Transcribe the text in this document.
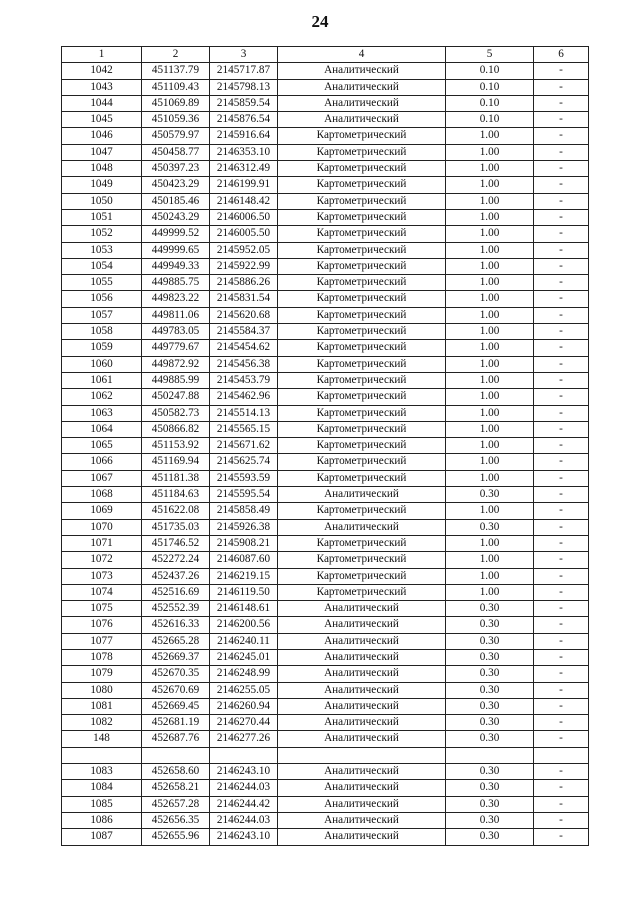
24
1	2	3	4	5	6
1042	451137.79	2145717.87	Аналитический	0.10	-
1043	451109.43	2145798.13	Аналитический	0.10	-
1044	451069.89	2145859.54	Аналитический	0.10	-
1045	451059.36	2145876.54	Аналитический	0.10	-
1046	450579.97	2145916.64	Картометрический	1.00	-
1047	450458.77	2146353.10	Картометрический	1.00	-
1048	450397.23	2146312.49	Картометрический	1.00	-
1049	450423.29	2146199.91	Картометрический	1.00	-
1050	450185.46	2146148.42	Картометрический	1.00	-
1051	450243.29	2146006.50	Картометрический	1.00	-
1052	449999.52	2146005.50	Картометрический	1.00	-
1053	449999.65	2145952.05	Картометрический	1.00	-
1054	449949.33	2145922.99	Картометрический	1.00	-
1055	449885.75	2145886.26	Картометрический	1.00	-
1056	449823.22	2145831.54	Картометрический	1.00	-
1057	449811.06	2145620.68	Картометрический	1.00	-
1058	449783.05	2145584.37	Картометрический	1.00	-
1059	449779.67	2145454.62	Картометрический	1.00	-
1060	449872.92	2145456.38	Картометрический	1.00	-
1061	449885.99	2145453.79	Картометрический	1.00	-
1062	450247.88	2145462.96	Картометрический	1.00	-
1063	450582.73	2145514.13	Картометрический	1.00	-
1064	450866.82	2145565.15	Картометрический	1.00	-
1065	451153.92	2145671.62	Картометрический	1.00	-
1066	451169.94	2145625.74	Картометрический	1.00	-
1067	451181.38	2145593.59	Картометрический	1.00	-
1068	451184.63	2145595.54	Аналитический	0.30	-
1069	451622.08	2145858.49	Картометрический	1.00	-
1070	451735.03	2145926.38	Аналитический	0.30	-
1071	451746.52	2145908.21	Картометрический	1.00	-
1072	452272.24	2146087.60	Картометрический	1.00	-
1073	452437.26	2146219.15	Картометрический	1.00	-
1074	452516.69	2146119.50	Картометрический	1.00	-
1075	452552.39	2146148.61	Аналитический	0.30	-
1076	452616.33	2146200.56	Аналитический	0.30	-
1077	452665.28	2146240.11	Аналитический	0.30	-
1078	452669.37	2146245.01	Аналитический	0.30	-
1079	452670.35	2146248.99	Аналитический	0.30	-
1080	452670.69	2146255.05	Аналитический	0.30	-
1081	452669.45	2146260.94	Аналитический	0.30	-
1082	452681.19	2146270.44	Аналитический	0.30	-
148	452687.76	2146277.26	Аналитический	0.30	-

1083	452658.60	2146243.10	Аналитический	0.30	-
1084	452658.21	2146244.03	Аналитический	0.30	-
1085	452657.28	2146244.42	Аналитический	0.30	-
1086	452656.35	2146244.03	Аналитический	0.30	-
1087	452655.96	2146243.10	Аналитический	0.30	-
